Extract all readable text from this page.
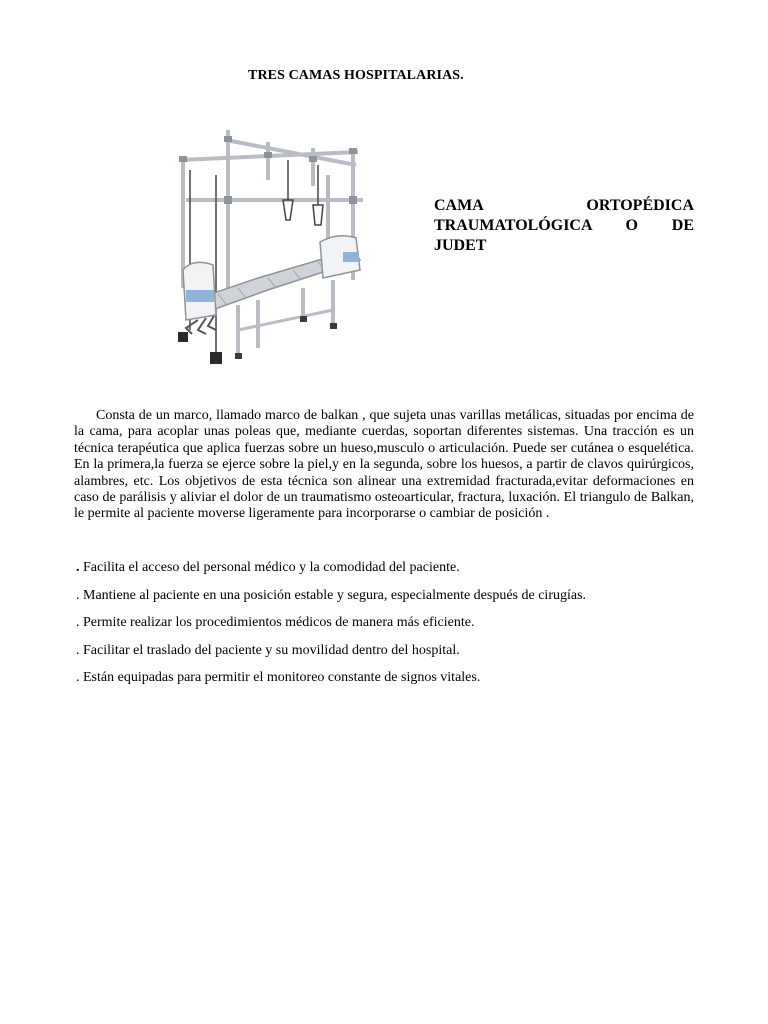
TRES CAMAS HOSPITALARIAS.
CAMA ORTOPÉDICA
TRAUMATOLÓGICA O DE

JUDET

Consta de un marco, llamado marco de balkan , que sujeta unas varillas metálicas, situadas por encima de la cama, para acoplar unas poleas que, mediante cuerdas, soportan diferentes sistemas. Una tracción es un técnica terapéutica que aplica fuerzas sobre un hueso,musculo o articulación. Puede ser cutánea o esquelética. En la primera,la fuerza se ejerce sobre la piel,y en la segunda, sobre los huesos, a partir de clavos quirúrgicos, alambres, etc. Los objetivos de esta técnica son alinear una extremidad fracturada,evitar deformaciones en caso de parálisis y aliviar el dolor de un traumatismo osteoarticular, fractura, luxación. El triangulo de Balkan, le permite al paciente moverse ligeramente para incorporarse o cambiar de posición .

. Facilita el acceso del personal médico y la comodidad del paciente.
. Mantiene al paciente en una posición estable y segura, especialmente después de cirugías.
. Permite realizar los procedimientos médicos de manera más eficiente.
. Facilitar el traslado del paciente y su movilidad dentro del hospital.
. Están equipadas para permitir el monitoreo constante de signos vitales.
